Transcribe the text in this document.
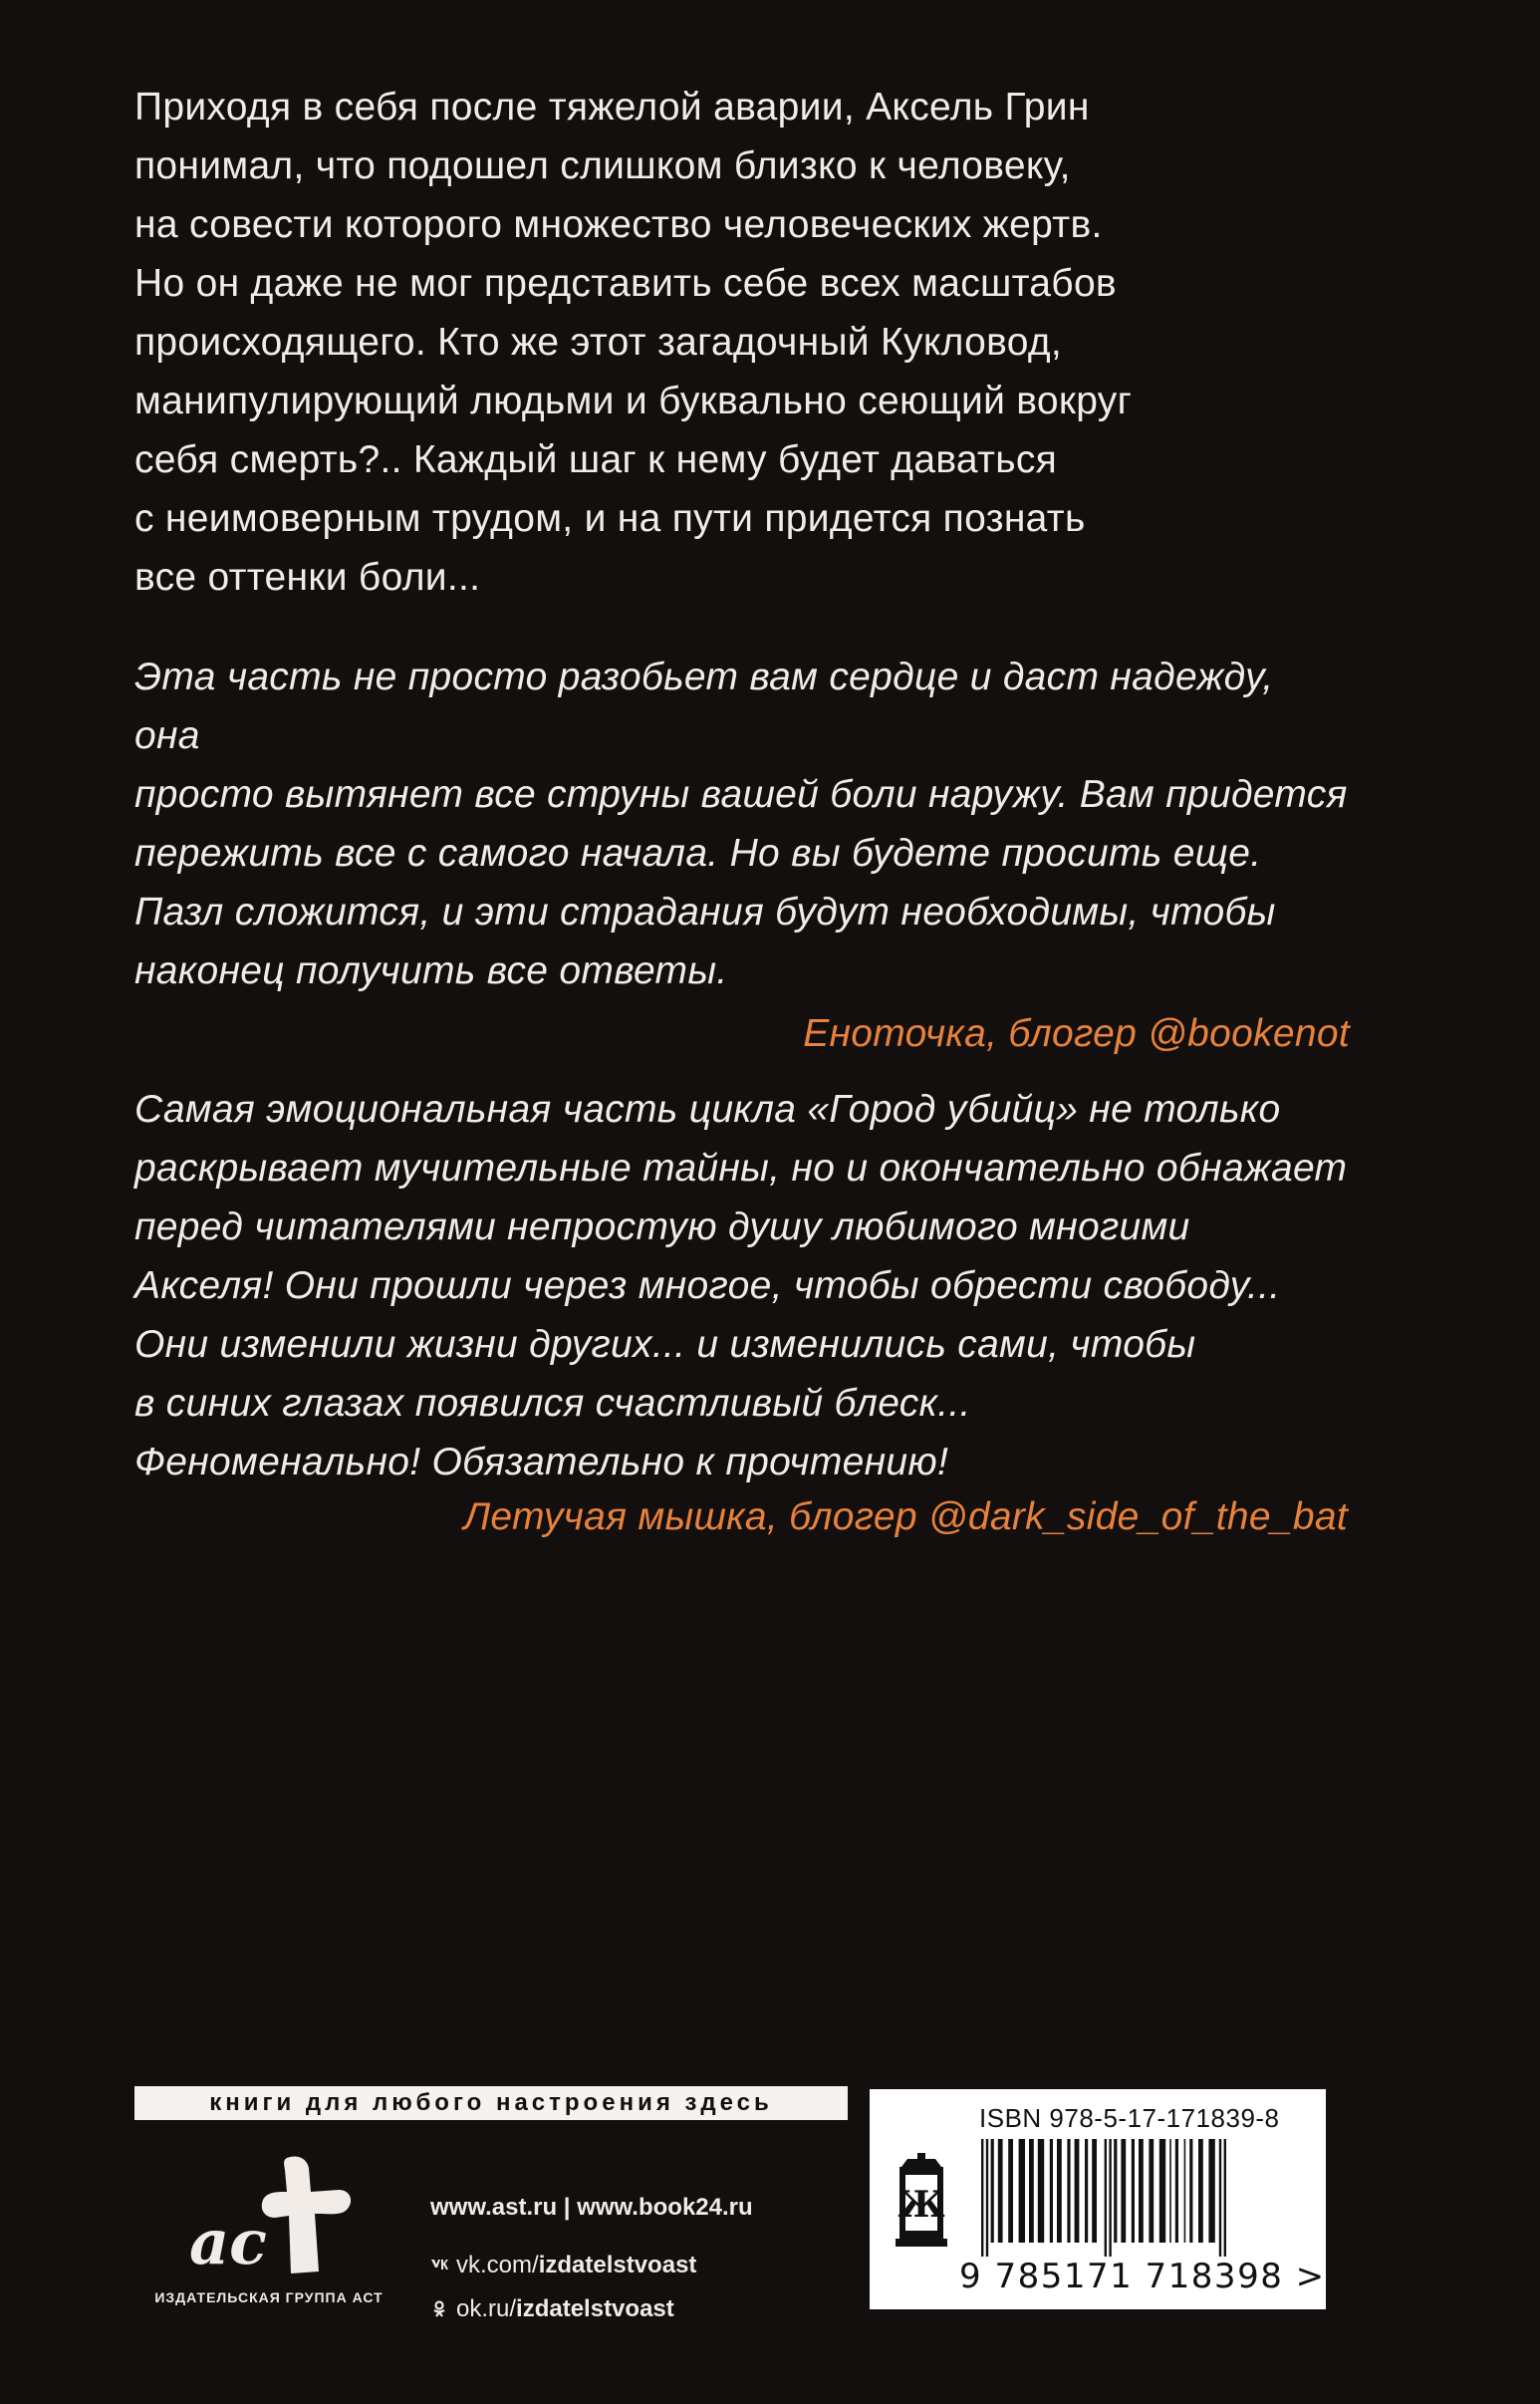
Приходя в себя после тяжелой аварии, Аксель Грин
понимал, что подошел слишком близко к человеку,
на совести которого множество человеческих жертв.
Но он даже не мог представить себе всех масштабов
происходящего. Кто же этот загадочный Кукловод,
манипулирующий людьми и буквально сеющий вокруг
себя смерть?.. Каждый шаг к нему будет даваться
с неимоверным трудом, и на пути придется познать
все оттенки боли...

Эта часть не просто разобьет вам сердце и даст надежду, она
просто вытянет все струны вашей боли наружу. Вам придется
пережить все с самого начала. Но вы будете просить еще.
Пазл сложится, и эти страдания будут необходимы, чтобы
наконец получить все ответы.

Еноточка, блогер @bookenot

Самая эмоциональная часть цикла «Город убийц» не только
раскрывает мучительные тайны, но и окончательно обнажает
перед читателями непростую душу любимого многими
Акселя! Они прошли через многое, чтобы обрести свободу...
Они изменили жизни других... и изменились сами, чтобы
в синих глазах появился счастливый блеск...
Феноменально! Обязательно к прочтению!

Летучая мышка, блогер @dark_side_of_the_bat

книги для любого настроения здесь
ас
ИЗДАТЕЛЬСКАЯ ГРУППА АСТ
www.ast.ru | www.book24.ru
vk.com/ izdatelstvoast
ok.ru/ izdatelstvoast
ISBN 978-5-17-171839-8
Ж
9 785171 718398 >
